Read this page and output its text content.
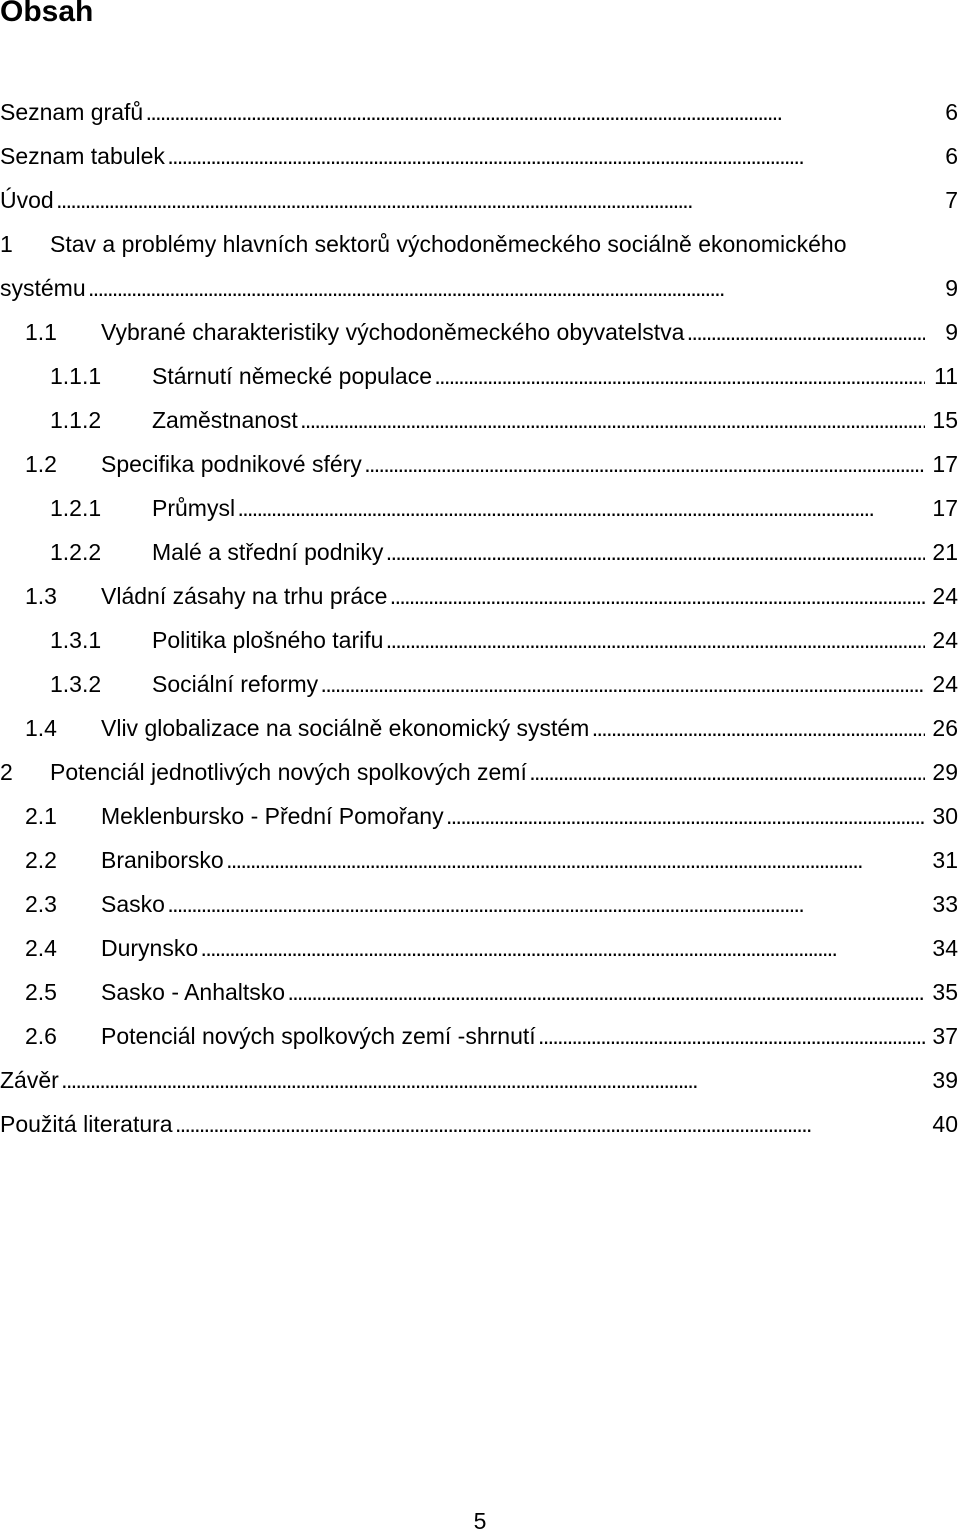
Obsah
Seznam grafů . . .	6
Seznam tabulek . . .	6
Úvod . . .	7
1 Stav a problémy hlavních sektorů východoněmeckého sociálně ekonomického
systému . . .	9
1.1 Vybrané charakteristiky východoněmeckého obyvatelstva . . .	9
1.1.1 Stárnutí německé populace . . .	11
1.1.2 Zaměstnanost . . .	15
1.2 Specifika podnikové sféry . . .	17
1.2.1 Průmysl . . .	17
1.2.2 Malé a střední podniky . . .	21
1.3 Vládní zásahy na trhu práce . . .	24
1.3.1 Politika plošného tarifu . . .	24
1.3.2 Sociální reformy . . .	24
1.4 Vliv globalizace na sociálně ekonomický systém . . .	26
2 Potenciál jednotlivých nových spolkových zemí . . .	29
2.1 Meklenbursko - Přední Pomořany . . .	30
2.2 Braniborsko . . .	31
2.3 Sasko . . .	33
2.4 Durynsko . . .	34
2.5 Sasko - Anhaltsko . . .	35
2.6 Potenciál nových spolkových zemí -shrnutí . . .	37
Závěr . . .	39
Použitá literatura . . .	40
5
